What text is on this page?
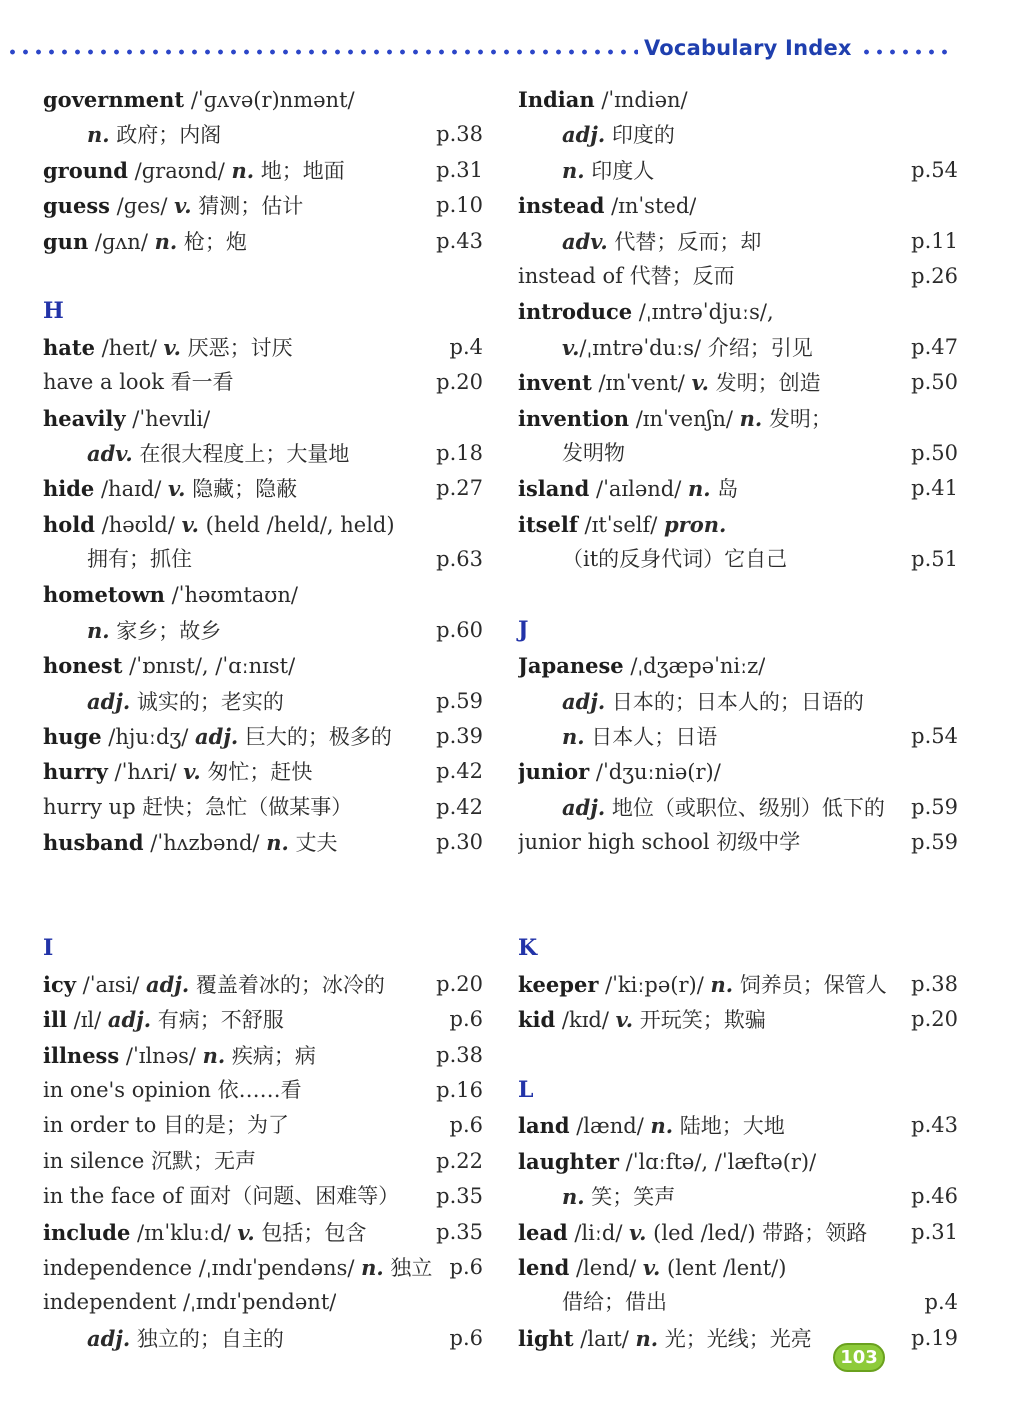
Vocabulary Index
government /ˈɡʌvə(r)nmənt/
n. 政府；内阁	p.38
ground /ɡraʊnd/ n. 地；地面	p.31
guess /ɡes/ v. 猜测；估计	p.10
gun /ɡʌn/ n. 枪；炮	p.43
H
hate /heɪt/ v. 厌恶；讨厌	p.4
have a look 看一看	p.20
heavily /ˈhevɪli/
adv. 在很大程度上；大量地	p.18
hide /haɪd/ v. 隐藏；隐蔽	p.27
hold /həʊld/ v. (held /held/, held)
拥有；抓住	p.63
hometown /ˈhəʊmtaʊn/
n. 家乡；故乡	p.60
honest /ˈɒnɪst/, /ˈɑːnɪst/
adj. 诚实的；老实的	p.59
huge /hjuːdʒ/ adj. 巨大的；极多的 p.39
hurry /ˈhʌri/ v. 匆忙；赶快	p.42
hurry up 赶快；急忙（做某事）	p.42
husband /ˈhʌzbənd/ n. 丈夫	p.30
I
icy /ˈaɪsi/ adj. 覆盖着冰的；冰冷的 p.20
ill /ɪl/ adj. 有病；不舒服	p.6
illness /ˈɪlnəs/ n. 疾病；病	p.38
in one's opinion 依……看	p.16
in order to 目的是；为了	p.6
in silence 沉默；无声	p.22
in the face of 面对（问题、困难等） p.35
include /ɪnˈkluːd/ v. 包括；包含	p.35
independence /ˌɪndɪˈpendəns/ n. 独立 p.6
independent /ˌɪndɪˈpendənt/
adj. 独立的；自主的	p.6
Indian /ˈɪndiən/
adj. 印度的
n. 印度人	p.54
instead /ɪnˈsted/
adv. 代替；反而；却	p.11
instead of 代替；反而	p.26
introduce /ˌɪntrəˈdjuːs/,
v./ˌɪntrəˈduːs/ 介绍；引见	p.47
invent /ɪnˈvent/ v. 发明；创造	p.50
invention /ɪnˈvenʃn/ n. 发明；
发明物	p.50
island /ˈaɪlənd/ n. 岛	p.41
itself /ɪtˈself/ pron.
（it的反身代词）它自己	p.51
J
Japanese /ˌdʒæpəˈniːz/
adj. 日本的；日本人的；日语的
n. 日本人；日语	p.54
junior /ˈdʒuːniə(r)/
adj. 地位（或职位、级别）低下的 p.59
junior high school 初级中学	p.59
K
keeper /ˈkiːpə(r)/ n. 饲养员；保管人 p.38
kid /kɪd/ v. 开玩笑；欺骗	p.20
L
land /lænd/ n. 陆地；大地	p.43
laughter /ˈlɑːftə/, /ˈlæftə(r)/
n. 笑；笑声	p.46
lead /liːd/ v. (led /led/) 带路；领路 p.31
lend /lend/ v. (lent /lent/)
借给；借出	p.4
light /laɪt/ n. 光；光线；光亮	p.19
103
